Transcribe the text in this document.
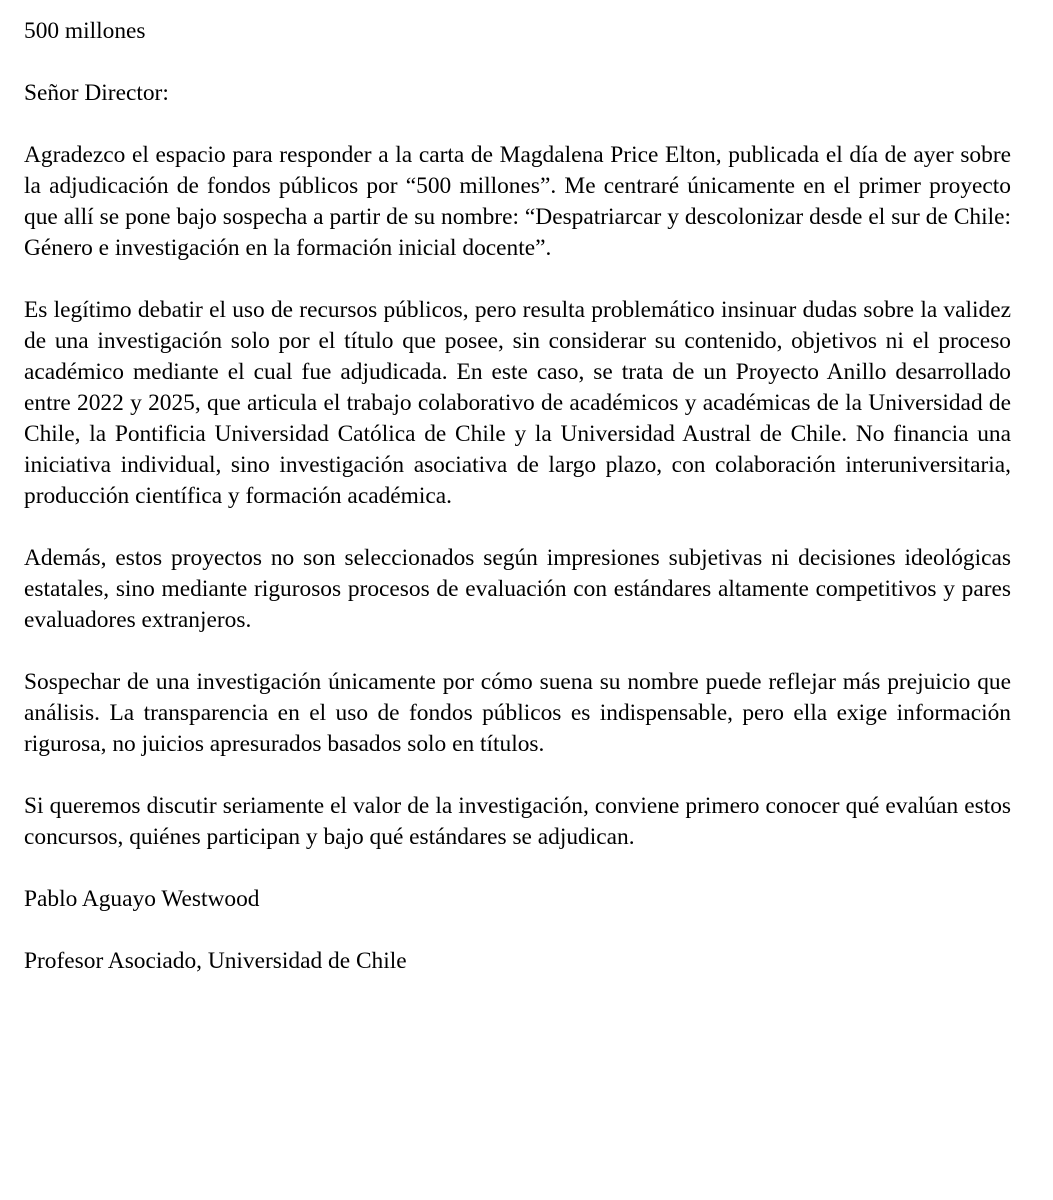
500 millones

Señor Director:

Agradezco el espacio para responder a la carta de Magdalena Price Elton, publicada el día de ayer sobre la adjudicación de fondos públicos por “500 millones”. Me centraré únicamente en el primer proyecto que allí se pone bajo sospecha a partir de su nombre: “Despatriarcar y descolonizar desde el sur de Chile: Género e investigación en la formación inicial docente”.

Es legítimo debatir el uso de recursos públicos, pero resulta problemático insinuar dudas sobre la validez de una investigación solo por el título que posee, sin considerar su contenido, objetivos ni el proceso académico mediante el cual fue adjudicada. En este caso, se trata de un Proyecto Anillo desarrollado entre 2022 y 2025, que articula el trabajo colaborativo de académicos y académicas de la Universidad de Chile, la Pontificia Universidad Católica de Chile y la Universidad Austral de Chile. No financia una iniciativa individual, sino investigación asociativa de largo plazo, con colaboración interuniversitaria, producción científica y formación académica.

Además, estos proyectos no son seleccionados según impresiones subjetivas ni decisiones ideológicas estatales, sino mediante rigurosos procesos de evaluación con estándares altamente competitivos y pares evaluadores extranjeros.

Sospechar de una investigación únicamente por cómo suena su nombre puede reflejar más prejuicio que análisis. La transparencia en el uso de fondos públicos es indispensable, pero ella exige información rigurosa, no juicios apresurados basados solo en títulos.

Si queremos discutir seriamente el valor de la investigación, conviene primero conocer qué evalúan estos concursos, quiénes participan y bajo qué estándares se adjudican.

Pablo Aguayo Westwood

Profesor Asociado, Universidad de Chile
